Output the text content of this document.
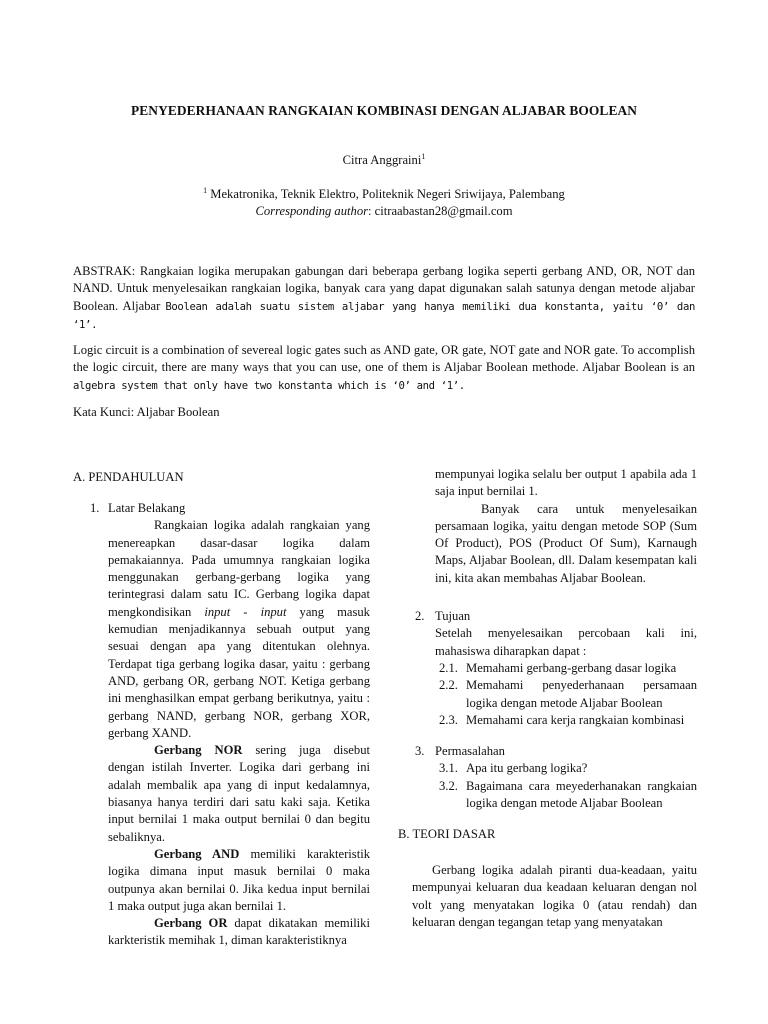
PENYEDERHANAAN RANGKAIAN KOMBINASI DENGAN ALJABAR BOOLEAN
Citra Anggraini$^1$

$^1$ Mekatronika, Teknik Elektro, Politeknik Negeri Sriwijaya, Palembang

Corresponding author: citraabastan28@gmail.com

ABSTRAK: Rangkaian logika merupakan gabungan dari beberapa gerbang logika seperti gerbang AND, OR, NOT dan NAND. Untuk menyelesaikan rangkaian logika, banyak cara yang dapat digunakan salah satunya dengan metode aljabar Boolean. Aljabar Boolean adalah suatu sistem aljabar yang hanya memiliki dua konstanta, yaitu ‘0’ dan ‘1’.

Logic circuit is a combination of severeal logic gates such as AND gate, OR gate, NOT gate and NOR gate. To accomplish the logic circuit, there are many ways that you can use, one of them is Aljabar Boolean methode. Aljabar Boolean is an algebra system that only have two konstanta which is ‘0’ and ‘1’.

Kata Kunci: Aljabar Boolean
A. PENDAHULUAN

1. Latar Belakang

Rangkaian logika adalah rangkaian yang menereapkan dasar-dasar logika dalam pemakaiannya. Pada umumnya rangkaian logika menggunakan gerbang-gerbang logika yang terintegrasi dalam satu IC. Gerbang logika dapat mengkondisikan input - input yang masuk kemudian menjadikannya sebuah output yang sesuai dengan apa yang ditentukan olehnya. Terdapat tiga gerbang logika dasar, yaitu : gerbang AND, gerbang OR, gerbang NOT. Ketiga gerbang ini menghasilkan empat gerbang berikutnya, yaitu : gerbang NAND, gerbang NOR, gerbang XOR, gerbang XAND.

Gerbang NOR sering juga disebut dengan istilah Inverter. Logika dari gerbang ini adalah membalik apa yang di input kedalamnya, biasanya hanya terdiri dari satu kaki saja. Ketika input bernilai 1 maka output bernilai 0 dan begitu sebaliknya.

Gerbang AND memiliki karakteristik logika dimana input masuk bernilai 0 maka outpunya akan bernilai 0. Jika kedua input bernilai 1 maka output juga akan bernilai 1.

Gerbang OR dapat dikatakan memiliki karkteristik memihak 1, diman karakteristiknya

mempunyai logika selalu ber output 1 apabila ada 1 saja input bernilai 1.

Banyak cara untuk menyelesaikan persamaan logika, yaitu dengan metode SOP (Sum Of Product), POS (Product Of Sum), Karnaugh Maps, Aljabar Boolean, dll. Dalam kesempatan kali ini, kita akan membahas Aljabar Boolean.

2. Tujuan

Setelah menyelesaikan percobaan kali ini, mahasiswa diharapkan dapat :

2.1. Memahami gerbang-gerbang dasar logika
2.2. Memahami penyederhanaan persamaan logika dengan metode Aljabar Boolean
2.3. Memahami cara kerja rangkaian kombinasi

3. Permasalahan

3.1. Apa itu gerbang logika?
3.2. Bagaimana cara meyederhanakan rangkaian logika dengan metode Aljabar Boolean
B. TEORI DASAR

Gerbang logika adalah piranti dua-keadaan, yaitu mempunyai keluaran dua keadaan keluaran dengan nol volt yang menyatakan logika 0 (atau rendah) dan keluaran dengan tegangan tetap yang menyatakan
